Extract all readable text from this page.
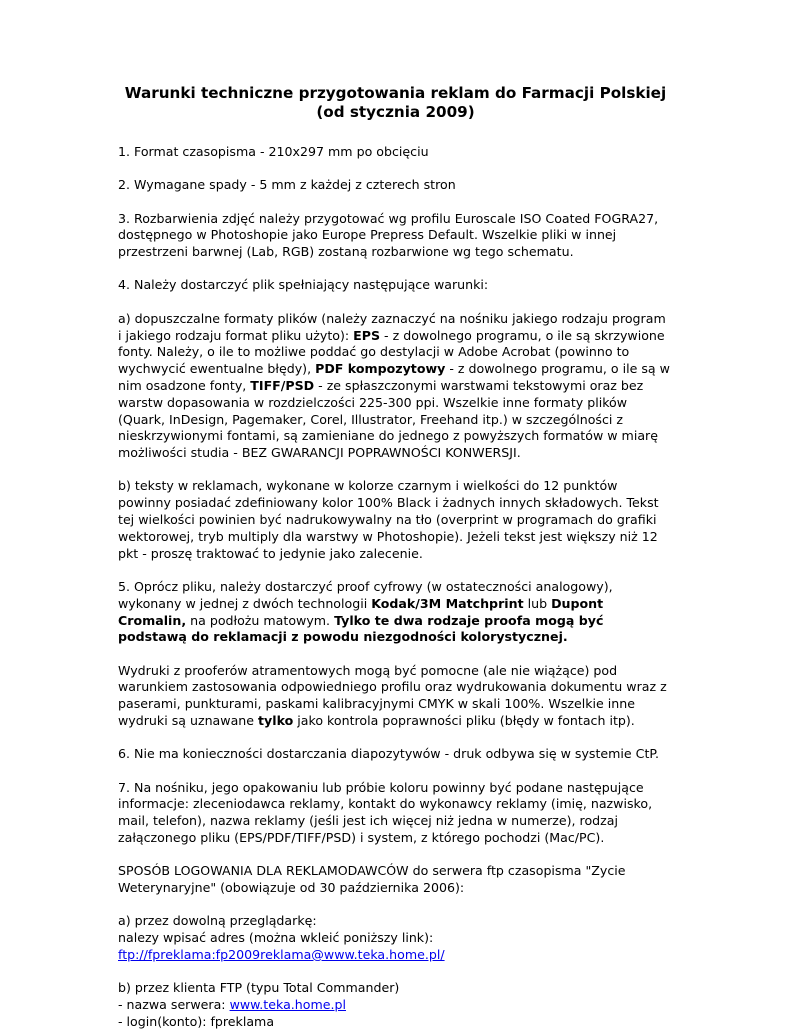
Warunki techniczne przygotowania reklam do Farmacji Polskiej
(od stycznia 2009)

1. Format czasopisma - 210x297 mm po obcięciu

2. Wymagane spady - 5 mm z każdej z czterech stron

3. Rozbarwienia zdjęć należy przygotować wg profilu Euroscale ISO Coated FOGRA27, dostępnego w Photoshopie jako Europe Prepress Default. Wszelkie pliki w innej przestrzeni barwnej (Lab, RGB) zostaną rozbarwione wg tego schematu.

4. Należy dostarczyć plik spełniający następujące warunki:

a) dopuszczalne formaty plików (należy zaznaczyć na nośniku jakiego rodzaju program i jakiego rodzaju format pliku użyto): EPS - z dowolnego programu, o ile są skrzywione fonty. Należy, o ile to możliwe poddać go destylacji w Adobe Acrobat (powinno to wychwycić ewentualne błędy), PDF kompozytowy - z dowolnego programu, o ile są w nim osadzone fonty, TIFF/PSD - ze spłaszczonymi warstwami tekstowymi oraz bez warstw dopasowania w rozdzielczości 225-300 ppi. Wszelkie inne formaty plików (Quark, InDesign, Pagemaker, Corel, Illustrator, Freehand itp.) w szczególności z nieskrzywionymi fontami, są zamieniane do jednego z powyższych formatów w miarę możliwości studia - BEZ GWARANCJI POPRAWNOŚCI KONWERSJI.

b) teksty w reklamach, wykonane w kolorze czarnym i wielkości do 12 punktów powinny posiadać zdefiniowany kolor 100% Black i żadnych innych składowych. Tekst tej wielkości powinien być nadrukowywalny na tło (overprint w programach do grafiki wektorowej, tryb multiply dla warstwy w Photoshopie). Jeżeli tekst jest większy niż 12 pkt - proszę traktować to jedynie jako zalecenie.

5. Oprócz pliku, należy dostarczyć proof cyfrowy (w ostateczności analogowy), wykonany w jednej z dwóch technologii Kodak/3M Matchprint lub Dupont Cromalin, na podłożu matowym. Tylko te dwa rodzaje proofa mogą być podstawą do reklamacji z powodu niezgodności kolorystycznej.

Wydruki z prooferów atramentowych mogą być pomocne (ale nie wiążące) pod warunkiem zastosowania odpowiedniego profilu oraz wydrukowania dokumentu wraz z paserami, punkturami, paskami kalibracyjnymi CMYK w skali 100%. Wszelkie inne wydruki są uznawane tylko jako kontrola poprawności pliku (błędy w fontach itp).

6. Nie ma konieczności dostarczania diapozytywów - druk odbywa się w systemie CtP.

7. Na nośniku, jego opakowaniu lub próbie koloru powinny być podane następujące informacje: zleceniodawca reklamy, kontakt do wykonawcy reklamy (imię, nazwisko, mail, telefon), nazwa reklamy (jeśli jest ich więcej niż jedna w numerze), rodzaj załączonego pliku (EPS/PDF/TIFF/PSD) i system, z którego pochodzi (Mac/PC).

SPOSÓB LOGOWANIA DLA REKLAMODAWCÓW do serwera ftp czasopisma "Zycie Weterynaryjne" (obowiązuje od 30 października 2006):

a) przez dowolną przeglądarkę:
nalezy wpisać adres (można wkleić poniższy link):
ftp://fpreklama:fp2009reklama@www.teka.home.pl/

b) przez klienta FTP (typu Total Commander)
- nazwa serwera: www.teka.home.pl
- login(konto): fpreklama
